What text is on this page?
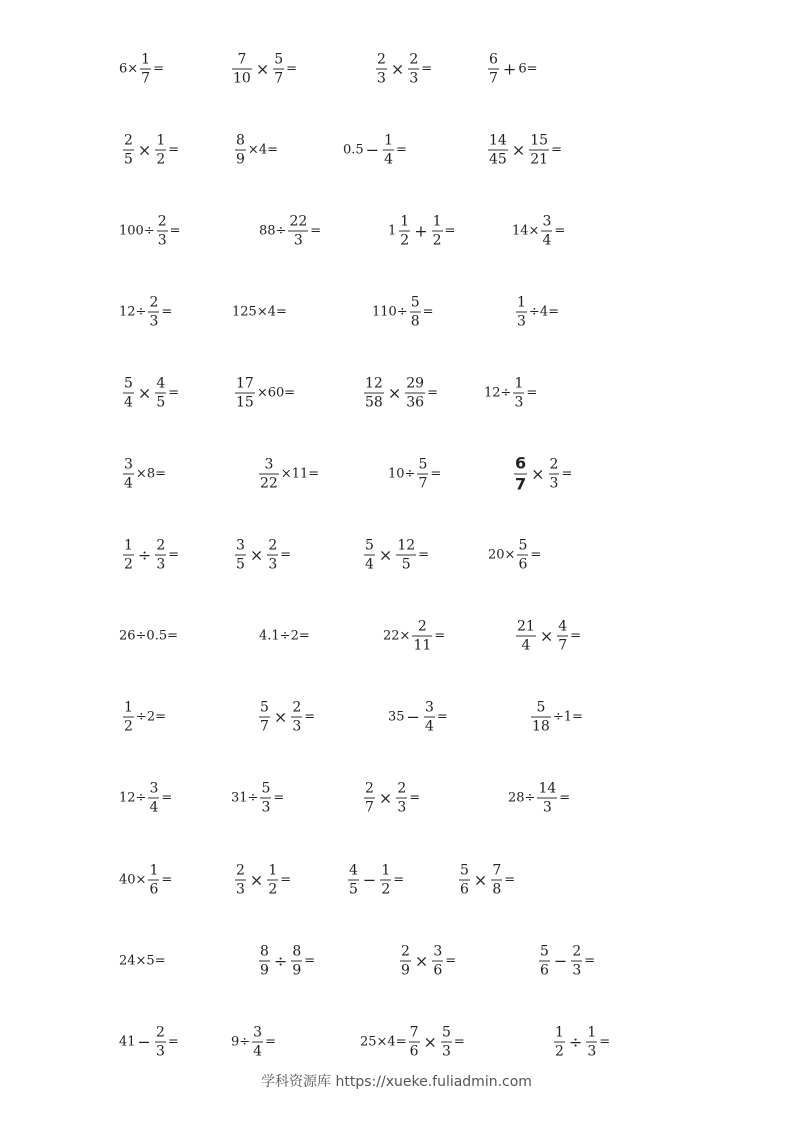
$6\times \frac{1}{7}$ =	$\frac{7}{10} \times \frac{5}{7}$ =	$\frac{2}{3} \times \frac{2}{3}$ =	$\frac{6}{7} + 6=$
$\frac{2}{5} \times \frac{1}{2}$ =	$\frac{8}{9} \times 4=$	$0.5 - \frac{1}{4}$ =	$\frac{14}{45} \times \frac{15}{21}$ =
$100\div \frac{2}{3}$ =	$88\div \frac{22}{3}$ =	$1 \frac{1}{2} + \frac{1}{2}$ =	$14\times \frac{3}{4}$ =
$12\div \frac{2}{3}$ =	125×4=	$110\div \frac{5}{8}$ =	$\frac{1}{3} \div 4=$
$\frac{5}{4} \times \frac{4}{5}$ =	$\frac{17}{15} \times 60=$	$\frac{12}{58} \times \frac{29}{36}$ =	$12\div \frac{1}{3}$ =
$\frac{3}{4} \times 8=$	$\frac{3}{22} \times 11=$	$10\div \frac{5}{7}$ =	$\frac{6}{7} \times \frac{2}{3}$ =
$\frac{1}{2} \div \frac{2}{3}$ =	$\frac{3}{5} \times \frac{2}{3}$ =	$\frac{5}{4} \times \frac{12}{5}$ =	$20\times \frac{5}{6}$ =
26÷0.5=	4.1÷2=	$22\times \frac{2}{11}$ =	$\frac{21}{4} \times \frac{4}{7}$ =
$\frac{1}{2} \div 2=$	$\frac{5}{7} \times \frac{2}{3}$ =	$35 - \frac{3}{4}$ =	$\frac{5}{18} \div 1=$
$12\div \frac{3}{4}$ =	$31\div \frac{5}{3}$ =	$\frac{2}{7} \times \frac{2}{3}$ =	$28\div \frac{14}{3}$ =
$40\times \frac{1}{6}$ =	$\frac{2}{3} \times \frac{1}{2}$ =	$\frac{4}{5} - \frac{1}{2}$ =	$\frac{5}{6} \times \frac{7}{8}$ =
24×5=	$\frac{8}{9} \div \frac{8}{9}$ =	$\frac{2}{9} \times \frac{3}{6}$ =	$\frac{5}{6} - \frac{2}{3}$ =
$41 - \frac{2}{3}$ =	$9\div \frac{3}{4}$ =	$25\times 4= \frac{7}{6} \times \frac{5}{3}$ =	$\frac{1}{2} \div \frac{1}{3}$ =
学科资源库 https://xueke.fuliadmin.com
